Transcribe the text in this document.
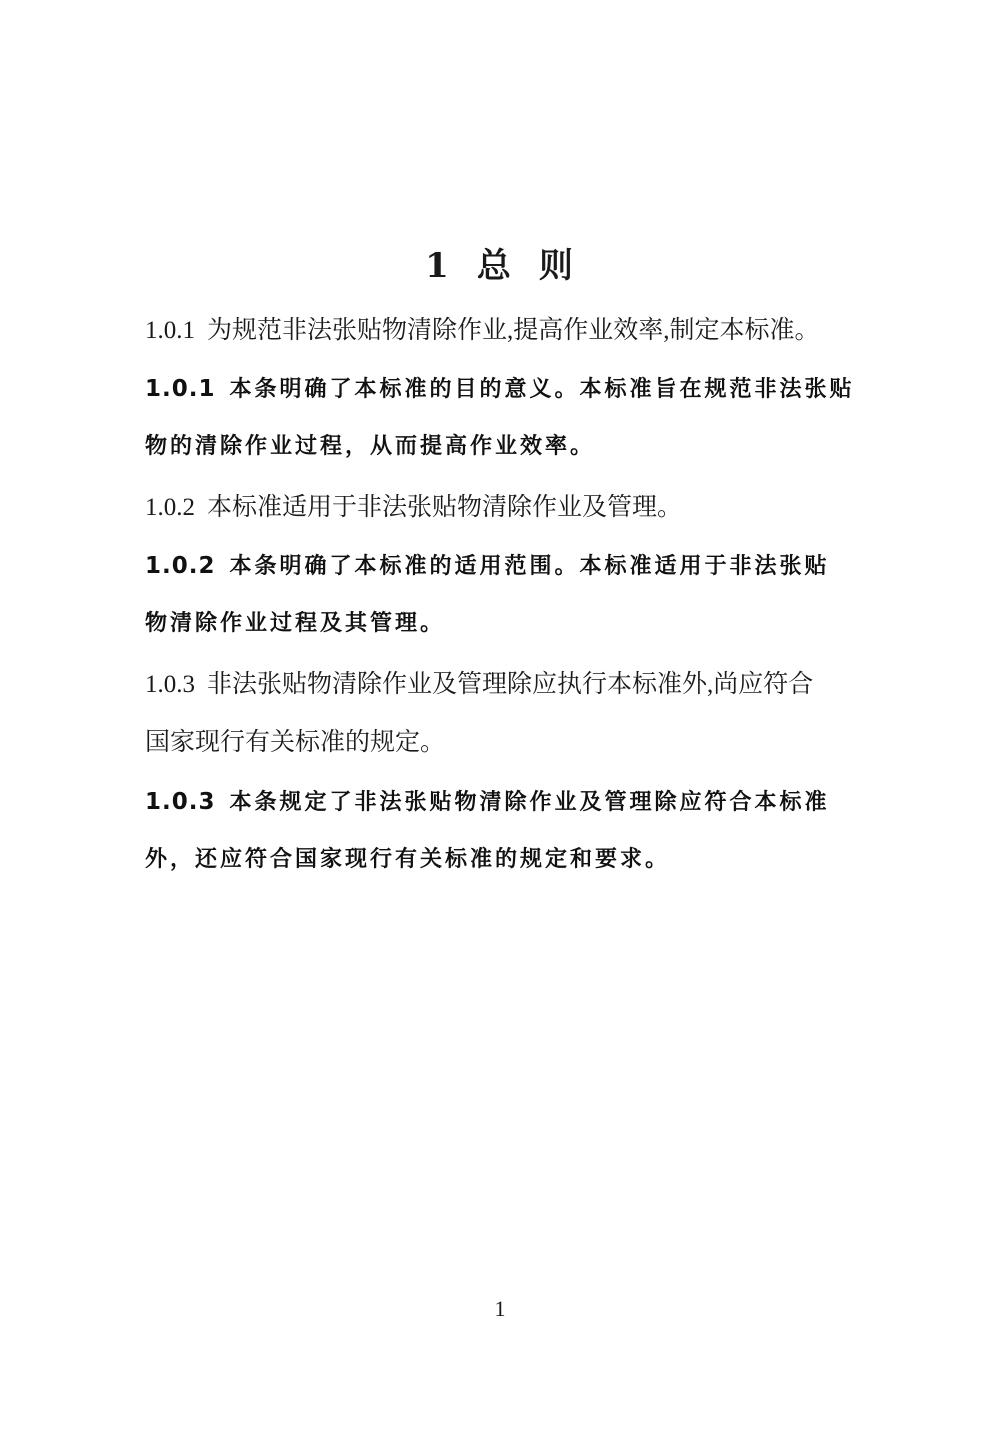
1 总 则
1.0.1 为规范非法张贴物清除作业,提高作业效率,制定本标准。
1.0.1 本条明确了本标准的目的意义。本标准旨在规范非法张贴
物的清除作业过程，从而提高作业效率。
1.0.2 本标准适用于非法张贴物清除作业及管理。
1.0.2 本条明确了本标准的适用范围。本标准适用于非法张贴
物清除作业过程及其管理。
1.0.3 非法张贴物清除作业及管理除应执行本标准外,尚应符合
国家现行有关标准的规定。
1.0.3 本条规定了非法张贴物清除作业及管理除应符合本标准
外，还应符合国家现行有关标准的规定和要求。
1
